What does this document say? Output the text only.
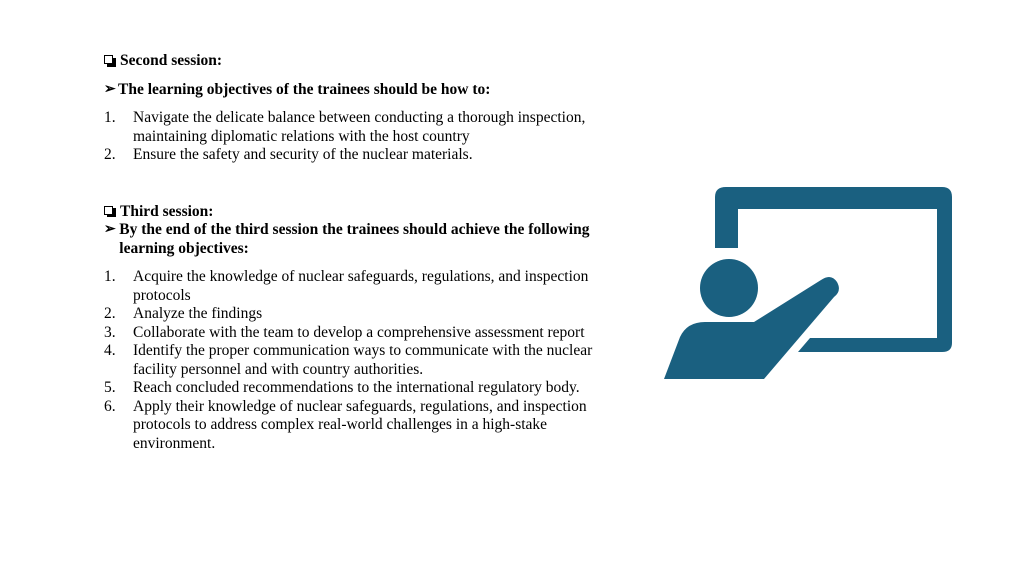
Second session:
➢ The learning objectives of the trainees should be how to:
1.	Navigate the delicate balance between conducting a thorough inspection, maintaining diplomatic relations with the host country
2.	Ensure the safety and security of the nuclear materials.
Third session:
➢ By the end of the third session the trainees should achieve the following learning objectives:
1.	Acquire the knowledge of nuclear safeguards, regulations, and inspection protocols
2.	Analyze the findings
3.	Collaborate with the team to develop a comprehensive assessment report
4.	Identify the proper communication ways to communicate with the nuclear facility personnel and with country authorities.
5.	Reach concluded recommendations to the international regulatory body.
6.	Apply their knowledge of nuclear safeguards, regulations, and inspection protocols to address complex real-world challenges in a high-stake environment.
